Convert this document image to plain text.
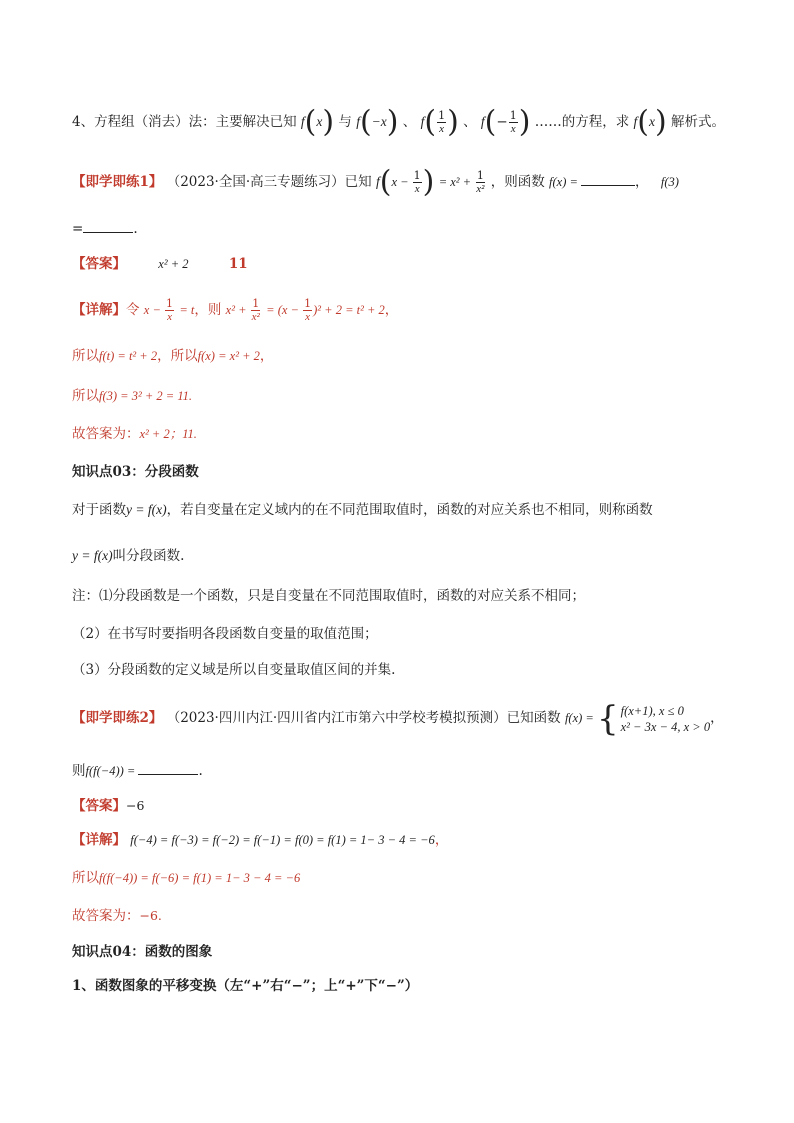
4、方程组（消去）法：主要解决已知 f(x) 与 f(−x) 、 $f( \frac{1}{x}$ ) 、 $f(- \frac{1}{x}$ ) ……的方程，求 f(x) 解析式。
【即学即练1】 （2023·全国·高三专题练习）已知 $f(x - \frac{1}{x}$ ) = $x^2 + \frac{1}{\text{x²}}$ ，则函数 f(x) =	， f(3)
=	.
【答案】	x² + 2	11
【详解】令 $x - \frac{1}{x} = t$，则 $x^2 + \frac{1}{\text{x²}} = (x - \frac{1}{x} )^2 + 2 = t^2 + 2$，
所以f(t) = t² + 2，所以f(x) = x² + 2，
所以f(3) = 3² + 2 = 11.
故答案为：x² + 2；11.
知识点03：分段函数
对于函数y = f(x)，若自变量在定义域内的在不同范围取值时，函数的对应关系也不相同，则称函数
y = f(x)叫分段函数.
注：⑴分段函数是一个函数，只是自变量在不同范围取值时，函数的对应关系不相同；
（2）在书写时要指明各段函数自变量的取值范围；
（3）分段函数的定义域是所以自变量取值区间的并集.
【即学即练2】 （2023·四川内江·四川省内江市第六中学校考模拟预测）已知函数 f(x) = { f(x+1), x ≤ 0
x² − 3x − 4, x > 0
，
则f(f(−4)) =	.
【答案】−6
【详解】 f(−4) = f(−3) = f(−2) = f(−1) = f(0) = f(1) = 1− 3 − 4 = −6，
所以f(f(−4)) = f(−6) = f(1) = 1− 3 − 4 = −6
故答案为：−6.
知识点04：函数的图象
1、函数图象的平移变换（左“+”右“−”；上“+”下“−”）
